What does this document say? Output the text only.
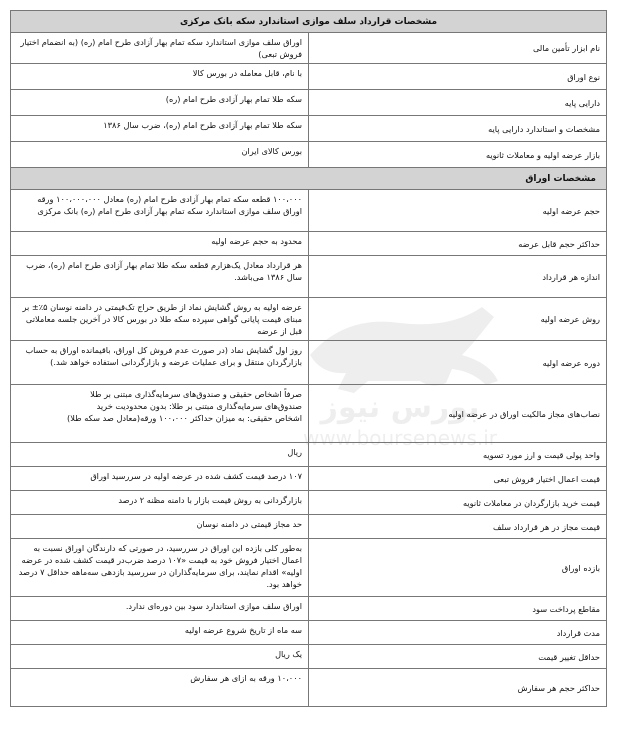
مشخصات قرارداد سلف موازی استاندارد سکه بانک مرکزی	
نام ابزار تأمین مالی	اوراق سلف موازی استاندارد سکه تمام بهار آزادی طرح امام (ره) (به انضمام اختیار فروش تبعی)
نوع اوراق	با نام، قابل معامله در بورس کالا
دارایی پایه	سکه طلا تمام بهار آزادی طرح امام (ره)
مشخصات و استاندارد دارایی پایه	سکه طلا تمام بهار آزادی طرح امام (ره)، ضرب سال ۱۳۸۶
بازار عرضه اولیه و معاملات ثانویه	بورس کالای ایران
مشخصات اوراق	
حجم عرضه اولیه	۱۰۰،۰۰۰ قطعه سکه تمام بهار آزادی طرح امام (ره) معادل ۱۰۰،۰۰۰،۰۰۰ ورقه اوراق سلف موازی استاندارد سکه تمام بهار آزادی طرح امام (ره) بانک مرکزی
حداکثر حجم قابل عرضه	محدود به حجم عرضه اولیه
اندازه هر قرارداد	هر قرارداد معادل یک‌هزارم قطعه سکه طلا تمام بهار آزادی طرح امام (ره)، ضرب سال ۱۳۸۶ می‌باشد.
روش عرضه اولیه	عرضه اولیه به روش گشایش نماد از طریق حراج تک‌قیمتی در دامنه نوسان ۵٪± بر مبنای قیمت پایانی گواهی سپرده سکه طلا در بورس کالا در آخرین جلسه معاملاتی قبل از عرضه
دوره عرضه اولیه	روز اول گشایش نماد (در صورت عدم فروش کل اوراق، باقیمانده اوراق به حساب بازارگردان منتقل و برای عملیات عرضه و بازارگردانی استفاده خواهد شد.)
نصاب‌های مجاز مالکیت اوراق در عرضه اولیه	صرفاً اشخاص حقیقی و صندوق‌های سرمایه‌گذاری مبتنی بر طلا
صندوق‌های سرمایه‌گذاری مبتنی بر طلا: بدون محدودیت خرید
اشخاص حقیقی: به میزان حداکثر ۱۰۰،۰۰۰ ورقه(معادل صد سکه طلا)
واحد پولی قیمت و ارز مورد تسویه	ریال
قیمت اعمال اختیار فروش تبعی	۱۰۷ درصد قیمت کشف شده در عرضه اولیه در سررسید اوراق
قیمت خرید بازارگردان در معاملات ثانویه	بازارگردانی به روش قیمت بازار با دامنه مظنه ۲ درصد
قیمت مجاز در هر قرارداد سلف	حد مجاز قیمتی در دامنه نوسان
بازده اوراق	به‌طور کلی بازده این اوراق در سررسید، در صورتی که دارندگان اوراق نسبت به اعمال اختیار فروش خود به قیمت «۱۰۷ درصد ضرب‌در قیمت کشف شده در عرضه اولیه» اقدام نمایند، برای سرمایه‌گذاران در سررسید بازدهی سه‌ماهه حداقل ۷ درصد خواهد بود.
مقاطع پرداخت سود	اوراق سلف موازی استاندارد سود بین دوره‌ای ندارد.
مدت قرارداد	سه ماه از تاریخ شروع عرضه اولیه
حداقل تغییر قیمت	یک ریال
حداکثر حجم هر سفارش	۱۰،۰۰۰ ورقه به ازای هر سفارش
بورس نیوز
www.boursenews.ir
